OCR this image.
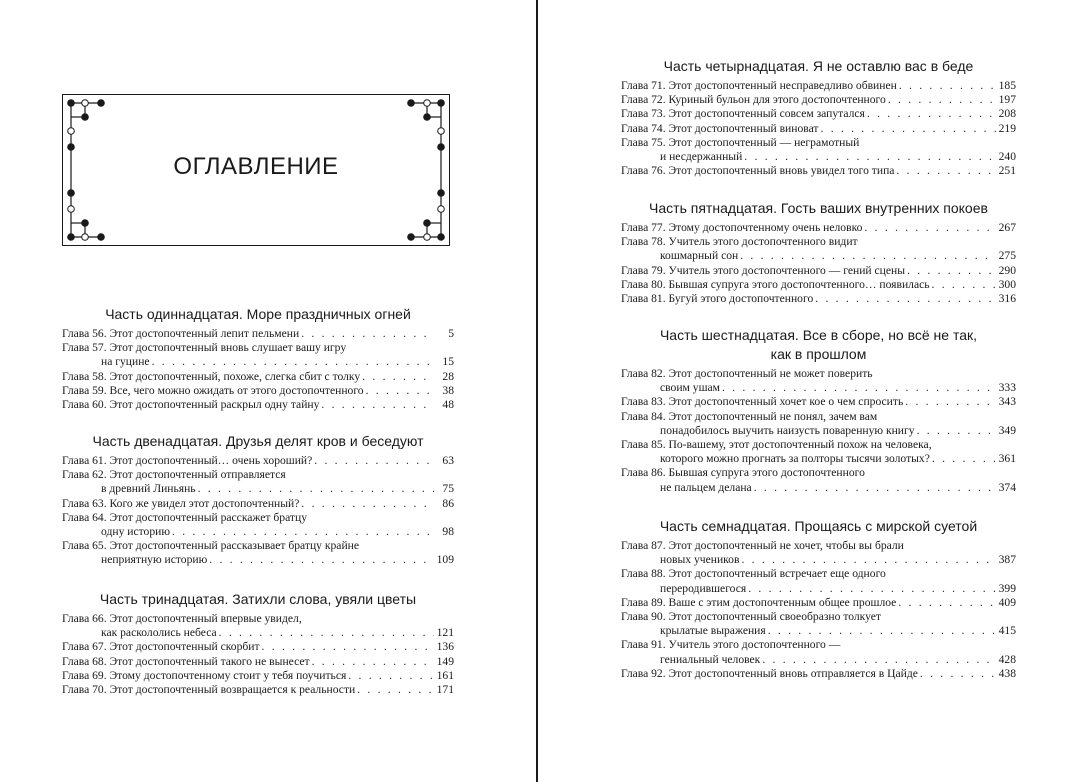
ОГЛАВЛЕНИЕ
Часть одиннадцатая. Море праздничных огней
Глава 56. Этот достопочтенный лепит пельмени . . .	5
Глава 57. Этот достопочтенный вновь слушает вашу игру
на гуцине . . .	15
Глава 58. Этот достопочтенный, похоже, слегка сбит с толку . . .	28
Глава 59. Все, чего можно ожидать от этого достопочтенного . . .	38
Глава 60. Этот достопочтенный раскрыл одну тайну . . .	48
Часть двенадцатая. Друзья делят кров и беседуют
Глава 61. Этот достопочтенный… очень хороший? . . .	63
Глава 62. Этот достопочтенный отправляется
в древний Линьянь . . .	75
Глава 63. Кого же увидел этот достопочтенный? . . .	86
Глава 64. Этот достопочтенный расскажет братцу
одну историю . . .	98
Глава 65. Этот достопочтенный рассказывает братцу крайне
неприятную историю . . .	109
Часть тринадцатая. Затихли слова, увяли цветы
Глава 66. Этот достопочтенный впервые увидел,
как раскололись небеса . . .	121
Глава 67. Этот достопочтенный скорбит . . .	136
Глава 68. Этот достопочтенный такого не вынесет . . .	149
Глава 69. Этому достопочтенному стоит у тебя поучиться . . .	161
Глава 70. Этот достопочтенный возвращается к реальности . . .	171
Часть четырнадцатая. Я не оставлю вас в беде
Глава 71. Этот достопочтенный несправедливо обвинен . . .	185
Глава 72. Куриный бульон для этого достопочтенного . . .	197
Глава 73. Этот достопочтенный совсем запутался . . .	208
Глава 74. Этот достопочтенный виноват . . .	219
Глава 75. Этот достопочтенный — неграмотный
и несдержанный . . .	240
Глава 76. Этот достопочтенный вновь увидел того типа . . .	251
Часть пятнадцатая. Гость ваших внутренних покоев
Глава 77. Этому достопочтенному очень неловко . . .	267
Глава 78. Учитель этого достопочтенного видит
кошмарный сон . . .	275
Глава 79. Учитель этого достопочтенного — гений сцены . . .	290
Глава 80. Бывшая супруга этого достопочтенного… появилась . . .	300
Глава 81. Бугуй этого достопочтенного . . .	316
Часть шестнадцатая. Все в сборе, но всё не так,
как в прошлом
Глава 82. Этот достопочтенный не может поверить
своим ушам . . .	333
Глава 83. Этот достопочтенный хочет кое о чем спросить . . .	343
Глава 84. Этот достопочтенный не понял, зачем вам
понадобилось выучить наизусть поваренную книгу . . .	349
Глава 85. По-вашему, этот достопочтенный похож на человека,
которого можно прогнать за полторы тысячи золотых? . . .	361
Глава 86. Бывшая супруга этого достопочтенного
не пальцем делана . . .	374
Часть семнадцатая. Прощаясь с мирской суетой
Глава 87. Этот достопочтенный не хочет, чтобы вы брали
новых учеников . . .	387
Глава 88. Этот достопочтенный встречает еще одного
переродившегося . . .	399
Глава 89. Ваше с этим достопочтенным общее прошлое . . .	409
Глава 90. Этот достопочтенный своеобразно толкует
крылатые выражения . . .	415
Глава 91. Учитель этого достопочтенного —
гениальный человек . . .	428
Глава 92. Этот достопочтенный вновь отправляется в Цайде . . .	438
